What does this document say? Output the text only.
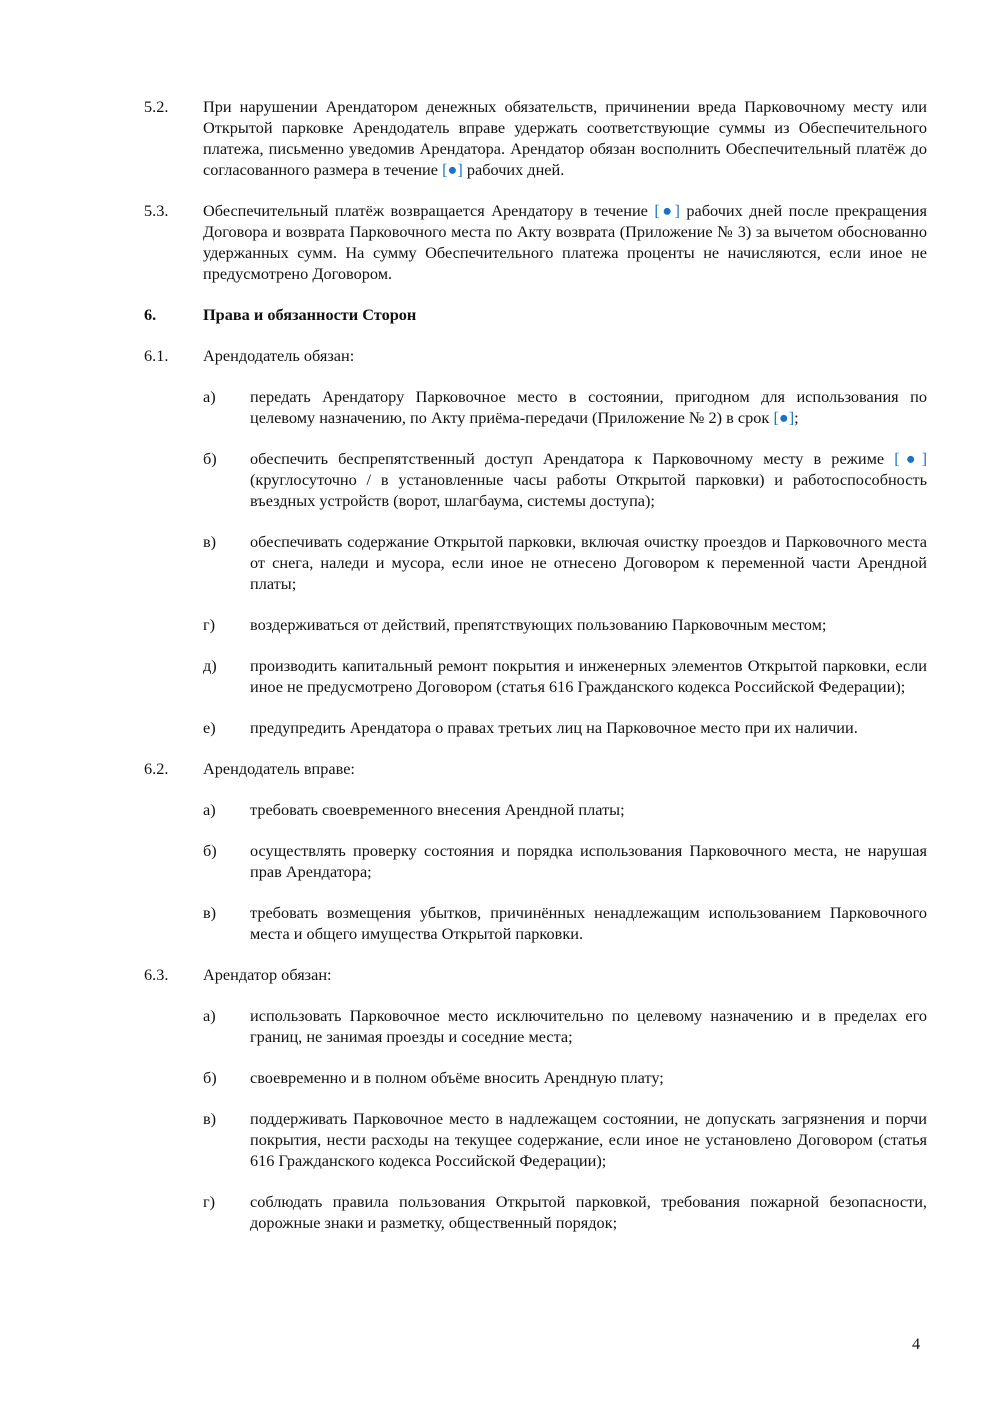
5.2.	При нарушении Арендатором денежных обязательств, причинении вреда Парковочному месту или Открытой парковке Арендодатель вправе удержать соответствующие суммы из Обеспечительного платежа, письменно уведомив Арендатора. Арендатор обязан восполнить Обеспечительный платёж до согласованного размера в течение [●] рабочих дней.
5.3.	Обеспечительный платёж возвращается Арендатору в течение [●] рабочих дней после прекращения Договора и возврата Парковочного места по Акту возврата (Приложение № 3) за вычетом обоснованно удержанных сумм. На сумму Обеспечительного платежа проценты не начисляются, если иное не предусмотрено Договором.
6.	Права и обязанности Сторон
6.1.	Арендодатель обязан:
а)	передать Арендатору Парковочное место в состоянии, пригодном для использования по целевому назначению, по Акту приёма-передачи (Приложение № 2) в срок [●];
б)	обеспечить беспрепятственный доступ Арендатора к Парковочному месту в режиме [●] (круглосуточно / в установленные часы работы Открытой парковки) и работоспособность въездных устройств (ворот, шлагбаума, системы доступа);
в)	обеспечивать содержание Открытой парковки, включая очистку проездов и Парковочного места от снега, наледи и мусора, если иное не отнесено Договором к переменной части Арендной платы;
г)	воздерживаться от действий, препятствующих пользованию Парковочным местом;
д)	производить капитальный ремонт покрытия и инженерных элементов Открытой парковки, если иное не предусмотрено Договором (статья 616 Гражданского кодекса Российской Федерации);
е)	предупредить Арендатора о правах третьих лиц на Парковочное место при их наличии.
6.2.	Арендодатель вправе:
а)	требовать своевременного внесения Арендной платы;
б)	осуществлять проверку состояния и порядка использования Парковочного места, не нарушая прав Арендатора;
в)	требовать возмещения убытков, причинённых ненадлежащим использованием Парковочного места и общего имущества Открытой парковки.
6.3.	Арендатор обязан:
а)	использовать Парковочное место исключительно по целевому назначению и в пределах его границ, не занимая проезды и соседние места;
б)	своевременно и в полном объёме вносить Арендную плату;
в)	поддерживать Парковочное место в надлежащем состоянии, не допускать загрязнения и порчи покрытия, нести расходы на текущее содержание, если иное не установлено Договором (статья 616 Гражданского кодекса Российской Федерации);
г)	соблюдать правила пользования Открытой парковкой, требования пожарной безопасности, дорожные знаки и разметку, общественный порядок;
4
